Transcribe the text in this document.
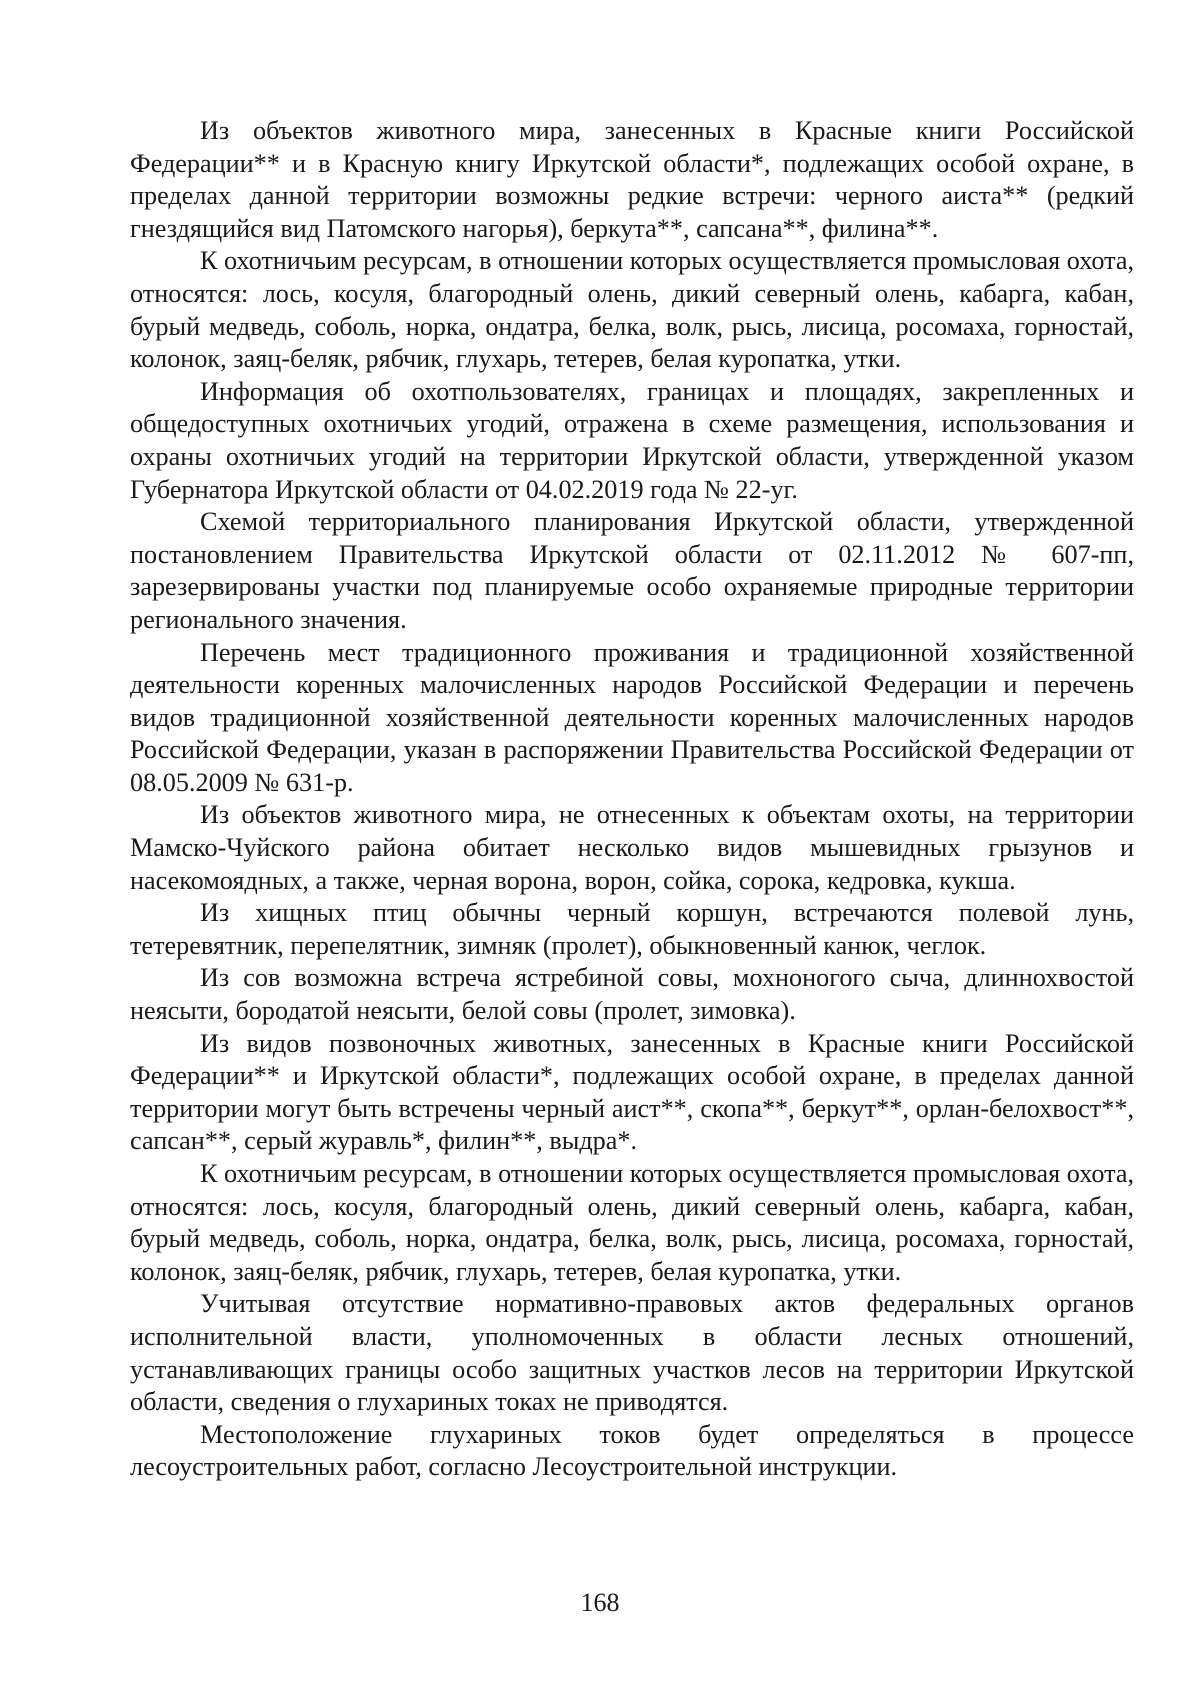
Из объектов животного мира, занесенных в Красные книги Российской Федерации** и в Красную книгу Иркутской области*, подлежащих особой охране, в пределах данной территории возможны редкие встречи: черного аиста** (редкий гнездящийся вид Патомского нагорья), беркута**, сапсана**, филина**.

К охотничьим ресурсам, в отношении которых осуществляется промысловая охота, относятся: лось, косуля, благородный олень, дикий северный олень, кабарга, кабан, бурый медведь, соболь, норка, ондатра, белка, волк, рысь, лисица, росомаха, горностай, колонок, заяц-беляк, рябчик, глухарь, тетерев, белая куропатка, утки.

Информация об охотпользователях, границах и площадях, закрепленных и общедоступных охотничьих угодий, отражена в схеме размещения, использования и охраны охотничьих угодий на территории Иркутской области, утвержденной указом Губернатора Иркутской области от 04.02.2019 года № 22-уг.

Схемой территориального планирования Иркутской области, утвержденной постановлением Правительства Иркутской области от 02.11.2012 № 607-пп, зарезервированы участки под планируемые особо охраняемые природные территории регионального значения.

Перечень мест традиционного проживания и традиционной хозяйственной деятельности коренных малочисленных народов Российской Федерации и перечень видов традиционной хозяйственной деятельности коренных малочисленных народов Российской Федерации, указан в распоряжении Правительства Российской Федерации от 08.05.2009 № 631-р.

Из объектов животного мира, не отнесенных к объектам охоты, на территории Мамско-Чуйского района обитает несколько видов мышевидных грызунов и насекомоядных, а также, черная ворона, ворон, сойка, сорока, кедровка, кукша.

Из хищных птиц обычны черный коршун, встречаются полевой лунь, тетеревятник, перепелятник, зимняк (пролет), обыкновенный канюк, чеглок.

Из сов возможна встреча ястребиной совы, мохноногого сыча, длиннохвостой неясыти, бородатой неясыти, белой совы (пролет, зимовка).

Из видов позвоночных животных, занесенных в Красные книги Российской Федерации** и Иркутской области*, подлежащих особой охране, в пределах данной территории могут быть встречены черный аист**, скопа**, беркут**, орлан-белохвост**, сапсан**, серый журавль*, филин**, выдра*.

К охотничьим ресурсам, в отношении которых осуществляется промысловая охота, относятся: лось, косуля, благородный олень, дикий северный олень, кабарга, кабан, бурый медведь, соболь, норка, ондатра, белка, волк, рысь, лисица, росомаха, горностай, колонок, заяц-беляк, рябчик, глухарь, тетерев, белая куропатка, утки.

Учитывая отсутствие нормативно-правовых актов федеральных органов исполнительной власти, уполномоченных в области лесных отношений, устанавливающих границы особо защитных участков лесов на территории Иркутской области, сведения о глухариных токах не приводятся.

Местоположение глухариных токов будет определяться в процессе лесоустроительных работ, согласно Лесоустроительной инструкции.

168
